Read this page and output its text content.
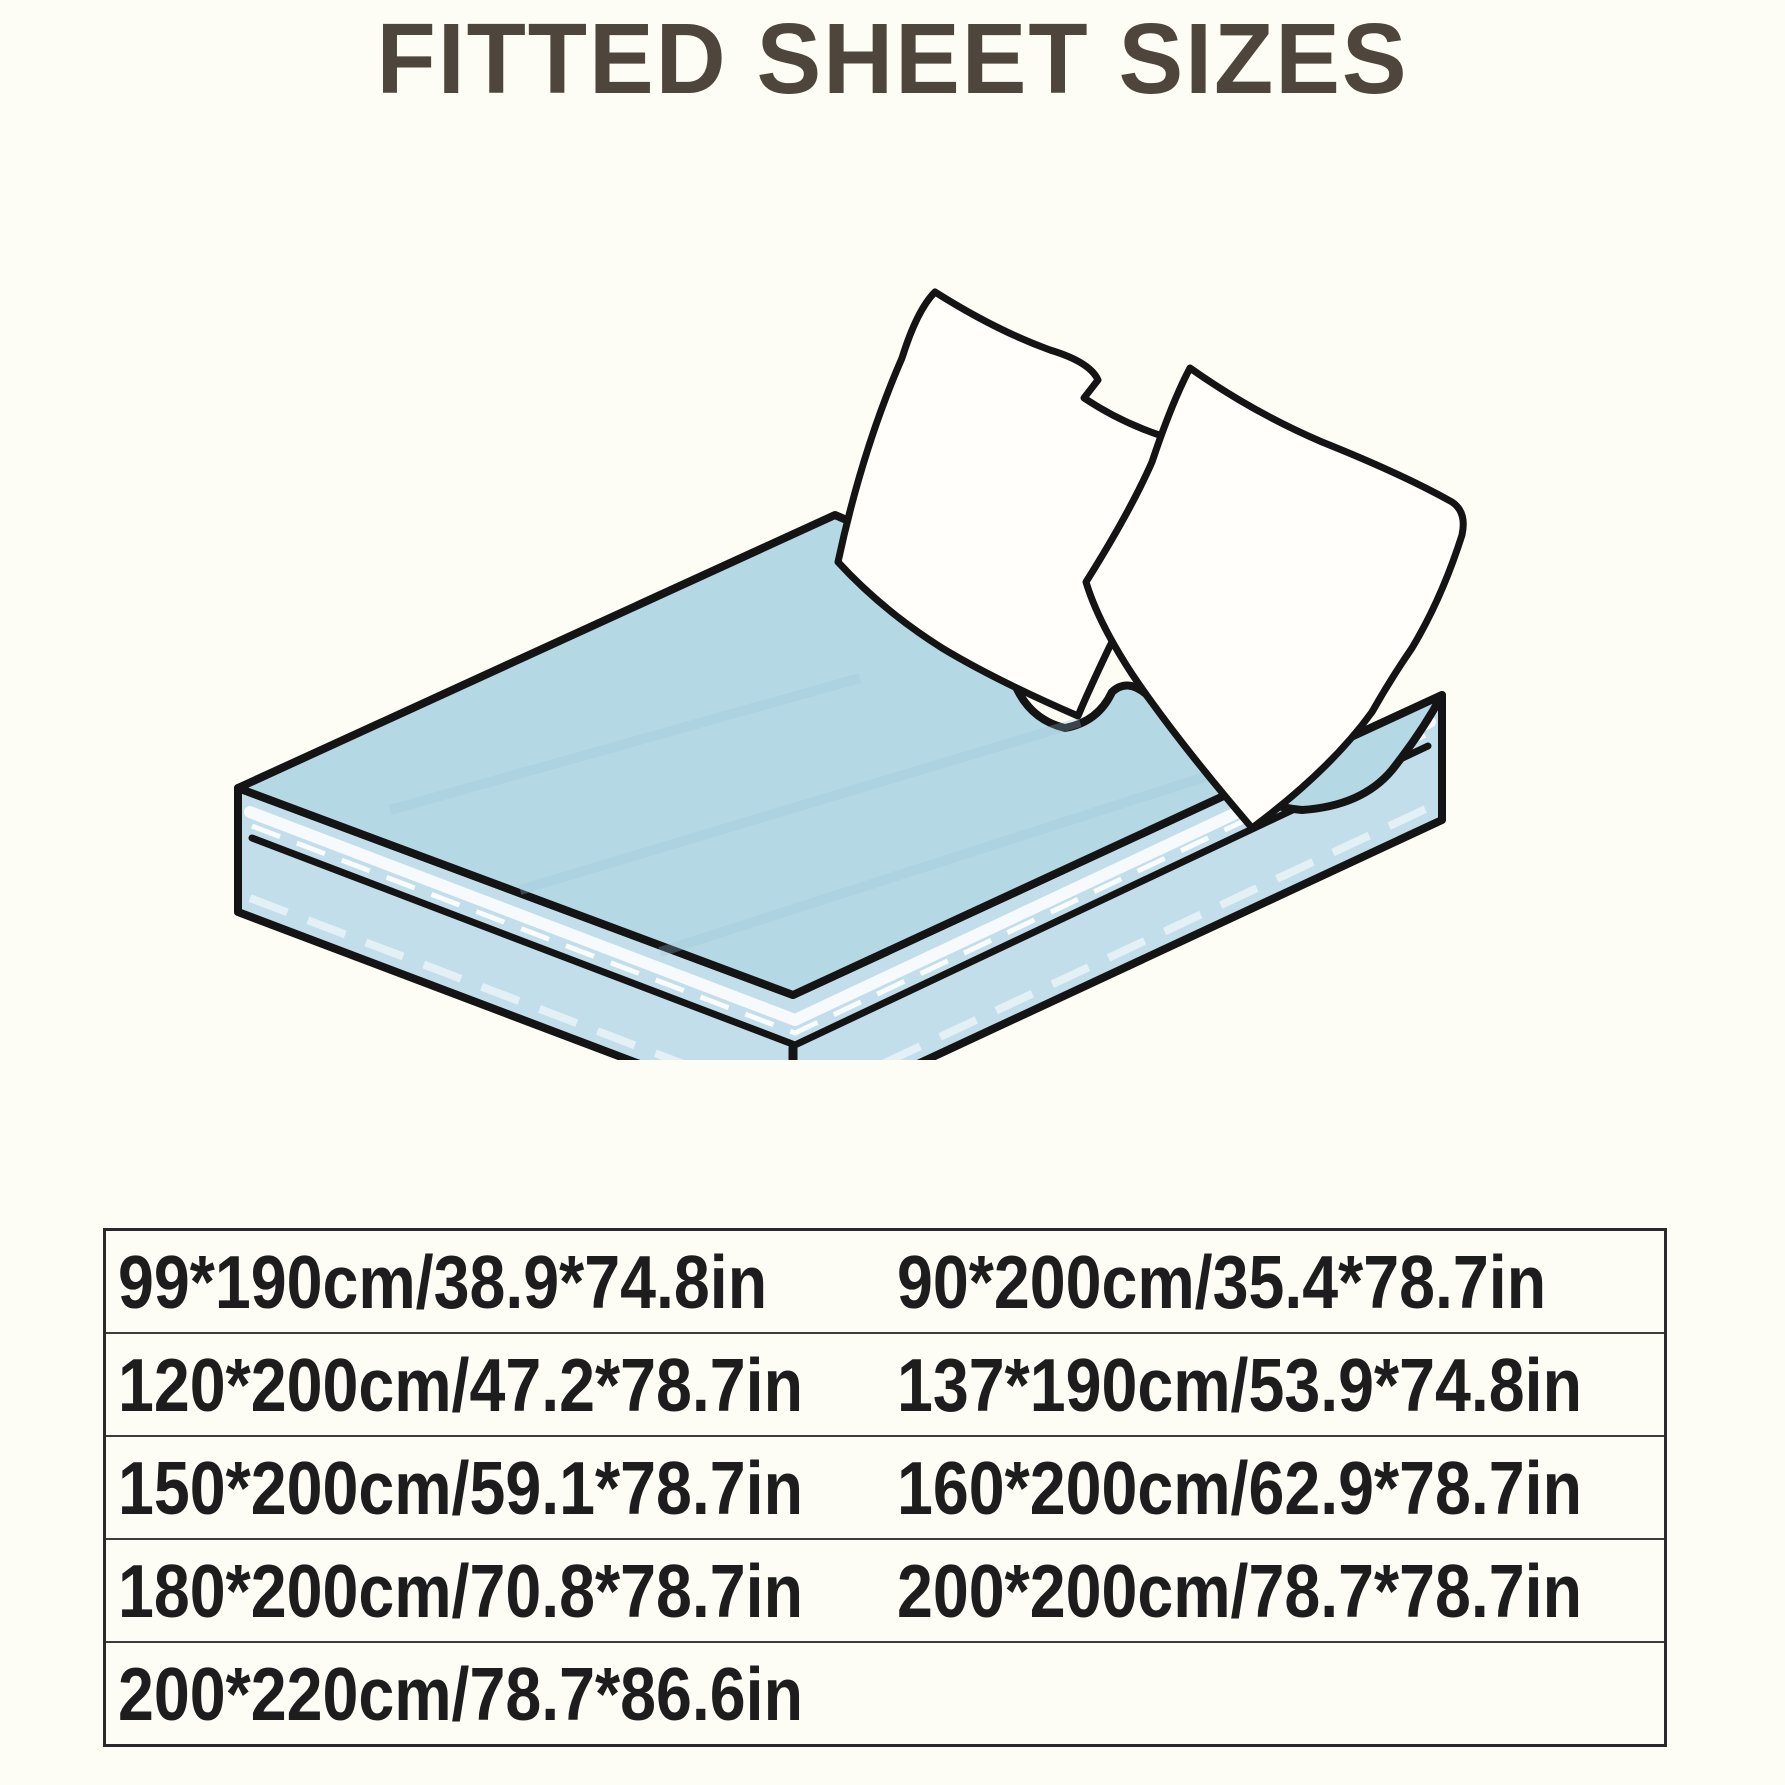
FITTED SHEET SIZES
99*190cm/38.9*74.8in	90*200cm/35.4*78.7in
120*200cm/47.2*78.7in	137*190cm/53.9*74.8in
150*200cm/59.1*78.7in	160*200cm/62.9*78.7in
180*200cm/70.8*78.7in	200*200cm/78.7*78.7in
200*220cm/78.7*86.6in	
